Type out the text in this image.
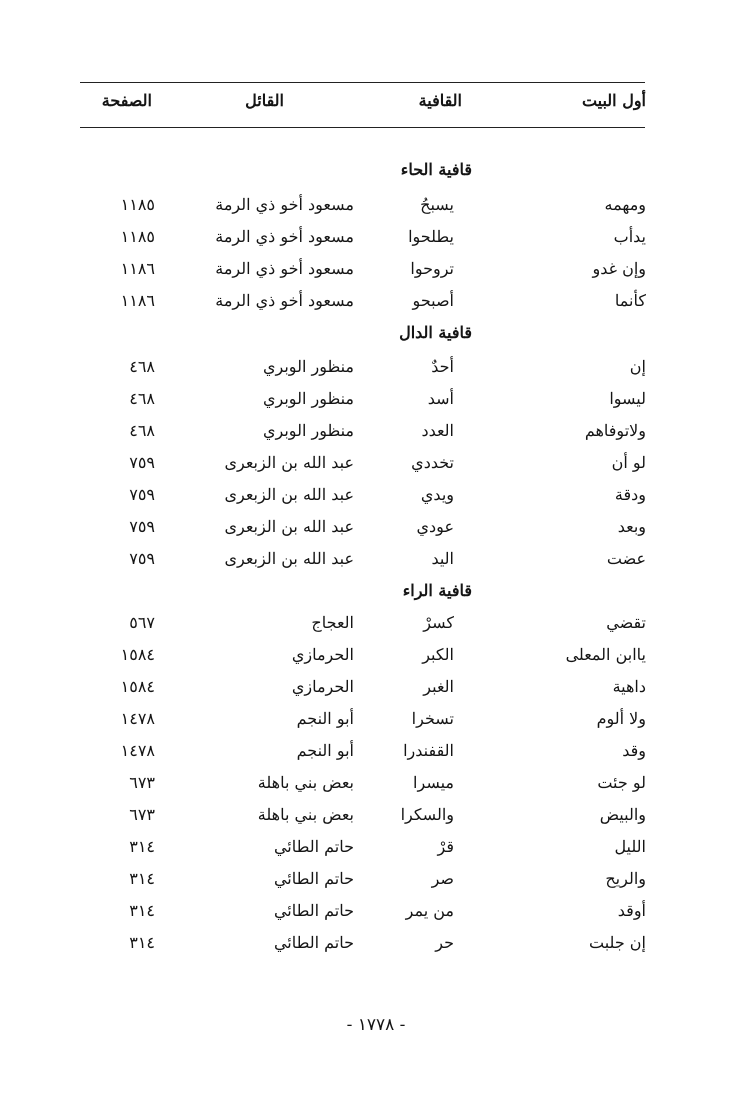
أول البيت
القافية
القائل
الصفحة
قافية الحاء
ومهمه
يسبحُ
مسعود أخو ذي الرمة
١١٨٥
يدأب
يطلحوا
مسعود أخو ذي الرمة
١١٨٥
وإن غدو
تروحوا
مسعود أخو ذي الرمة
١١٨٦
كأنما
أصبحو
مسعود أخو ذي الرمة
١١٨٦
قافية الدال
إن
أحدٌ
منظور الوبري
٤٦٨
ليسوا
أسد
منظور الوبري
٤٦٨
ولاتوفاهم
العدد
منظور الوبري
٤٦٨
لو أن
تخددي
عبد الله بن الزبعرى
٧٥٩
ودقة
ويدي
عبد الله بن الزبعرى
٧٥٩
وبعد
عودي
عبد الله بن الزبعرى
٧٥٩
عضت
اليد
عبد الله بن الزبعرى
٧٥٩
قافية الراء
تقضي
كسرْ
العجاج
٥٦٧
ياابن المعلى
الكبر
الحرمازي
١٥٨٤
داهية
الغبر
الحرمازي
١٥٨٤
ولا ألوم
تسخرا
أبو النجم
١٤٧٨
وقد
القفندرا
أبو النجم
١٤٧٨
لو جئت
ميسرا
بعض بني باهلة
٦٧٣
والبيض
والسكرا
بعض بني باهلة
٦٧٣
الليل
قرْ
حاتم الطائي
٣١٤
والريح
صر
حاتم الطائي
٣١٤
أوقد
من يمر
حاتم الطائي
٣١٤
إن جلبت
حر
حاتم الطائي
٣١٤
- ١٧٧٨ -
